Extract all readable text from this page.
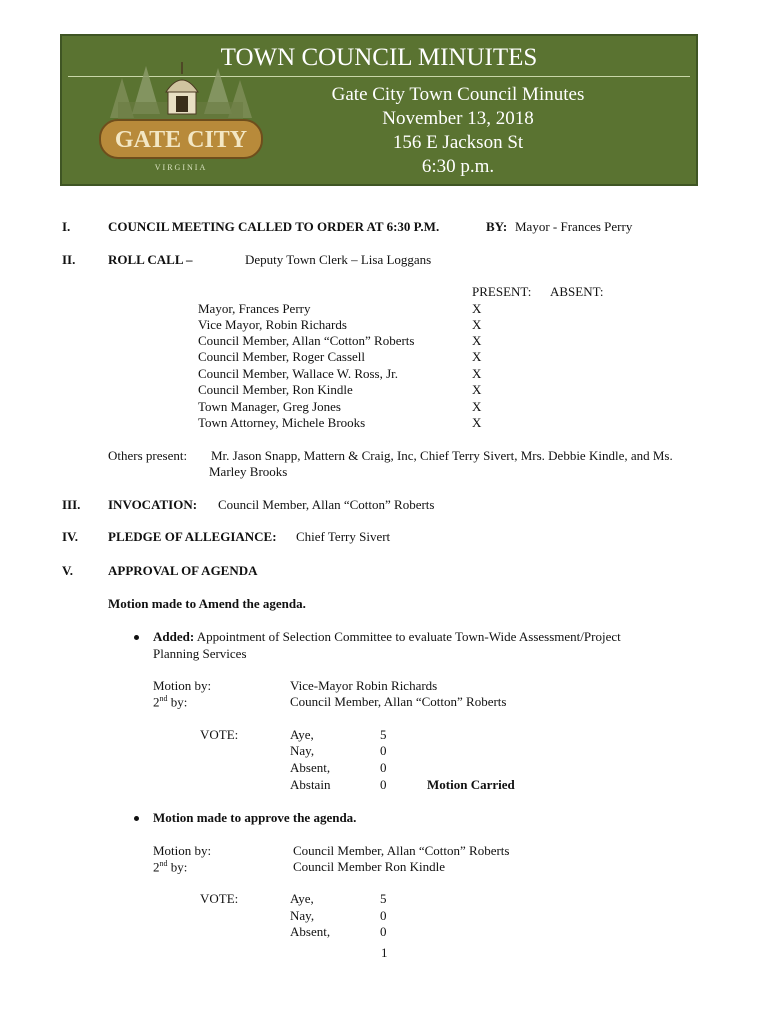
TOWN COUNCIL MINUITES
Gate City Town Council Minutes
November 13, 2018
156 E Jackson St
6:30 p.m.
GATE CITY
VIRGINIA
I.	COUNCIL MEETING CALLED TO ORDER AT 6:30 P.M.	BY: Mayor - Frances Perry
II.	ROLL CALL –	Deputy Town Clerk – Lisa Loggans
PRESENT: ABSENT:
Mayor, Frances Perry	X
Vice Mayor, Robin Richards	X
Council Member, Allan “Cotton” Roberts	X
Council Member, Roger Cassell	X
Council Member, Wallace W. Ross, Jr.	X
Council Member, Ron Kindle	X
Town Manager, Greg Jones	X
Town Attorney, Michele Brooks	X
Others present: Mr. Jason Snapp, Mattern & Craig, Inc, Chief Terry Sivert, Mrs. Debbie Kindle, and Ms.
Marley Brooks
III. INVOCATION: Council Member, Allan “Cotton” Roberts
IV. PLEDGE OF ALLEGIANCE: Chief Terry Sivert
V.	APPROVAL OF AGENDA
Motion made to Amend the agenda.
Added: Appointment of Selection Committee to evaluate Town-Wide Assessment/Project
Planning Services
Motion by:	Vice-Mayor Robin Richards
2nd by:	Council Member, Allan “Cotton” Roberts
VOTE:	Aye,	5
Nay,	0
Absent,	0
Abstain	0	Motion Carried
Motion made to approve the agenda.
Motion by:	Council Member, Allan “Cotton” Roberts
2nd by:	Council Member Ron Kindle
VOTE:	Aye,	5
Nay,	0
Absent,	0
1
